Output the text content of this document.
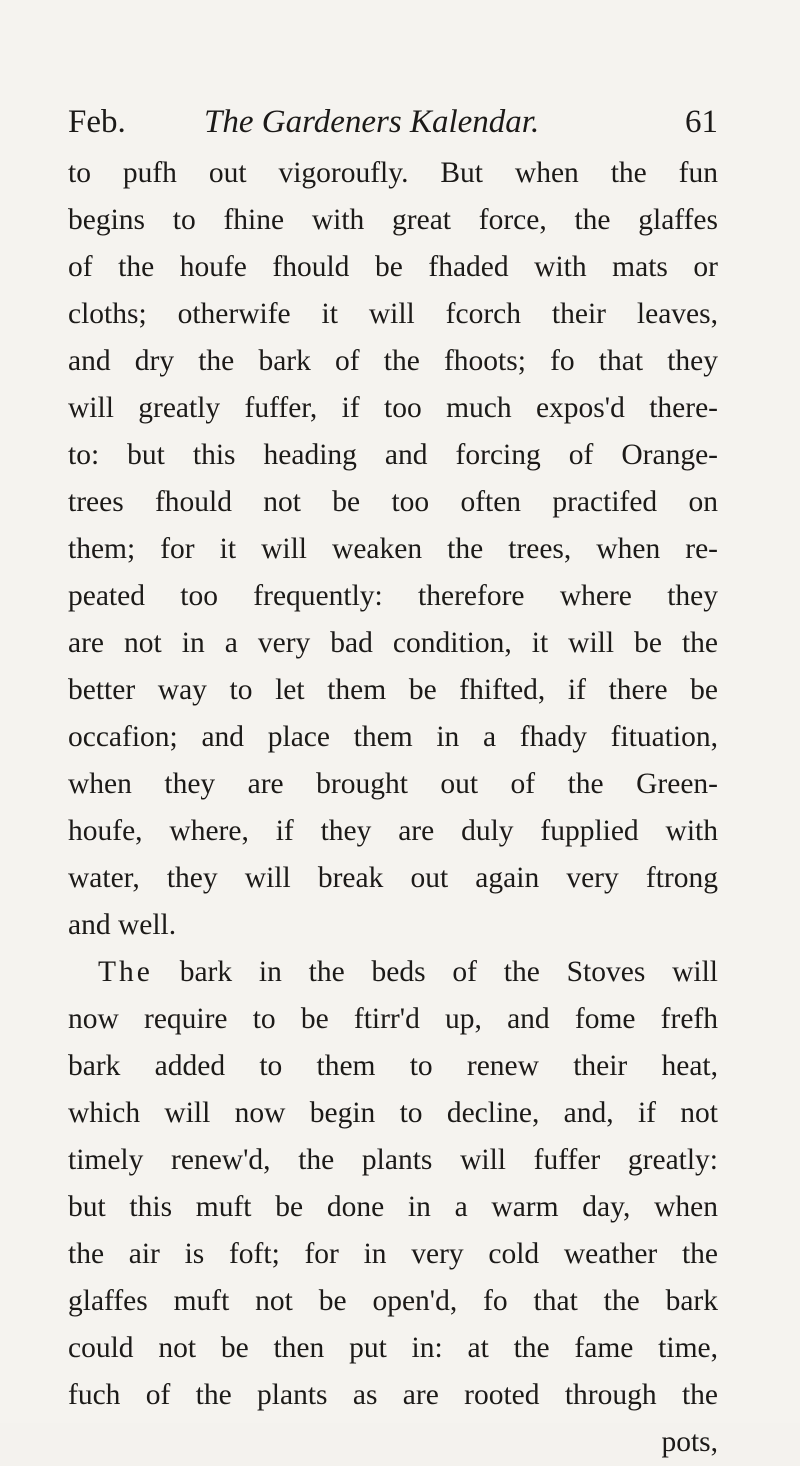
Feb. The Gardeners Kalendar.	61
to pufh out vigoroufly. But when the fun
begins to fhine with great force, the glaffes
of the houfe fhould be fhaded with mats or
cloths; otherwife it will fcorch their leaves,
and dry the bark of the fhoots; fo that they
will greatly fuffer, if too much expos'd there-
to: but this heading and forcing of Orange-
trees fhould not be too often practifed on
them; for it will weaken the trees, when re-
peated too frequently: therefore where they
are not in a very bad condition, it will be the
better way to let them be fhifted, if there be
occafion; and place them in a fhady fituation,
when they are brought out of the Green-
houfe, where, if they are duly fupplied with
water, they will break out again very ftrong
and well.
The bark in the beds of the Stoves will
now require to be ftirr'd up, and fome frefh
bark added to them to renew their heat,
which will now begin to decline, and, if not
timely renew'd, the plants will fuffer greatly:
but this muft be done in a warm day, when
the air is foft; for in very cold weather the
glaffes muft not be open'd, fo that the bark
could not be then put in: at the fame time,
fuch of the plants as are rooted through the
pots,
